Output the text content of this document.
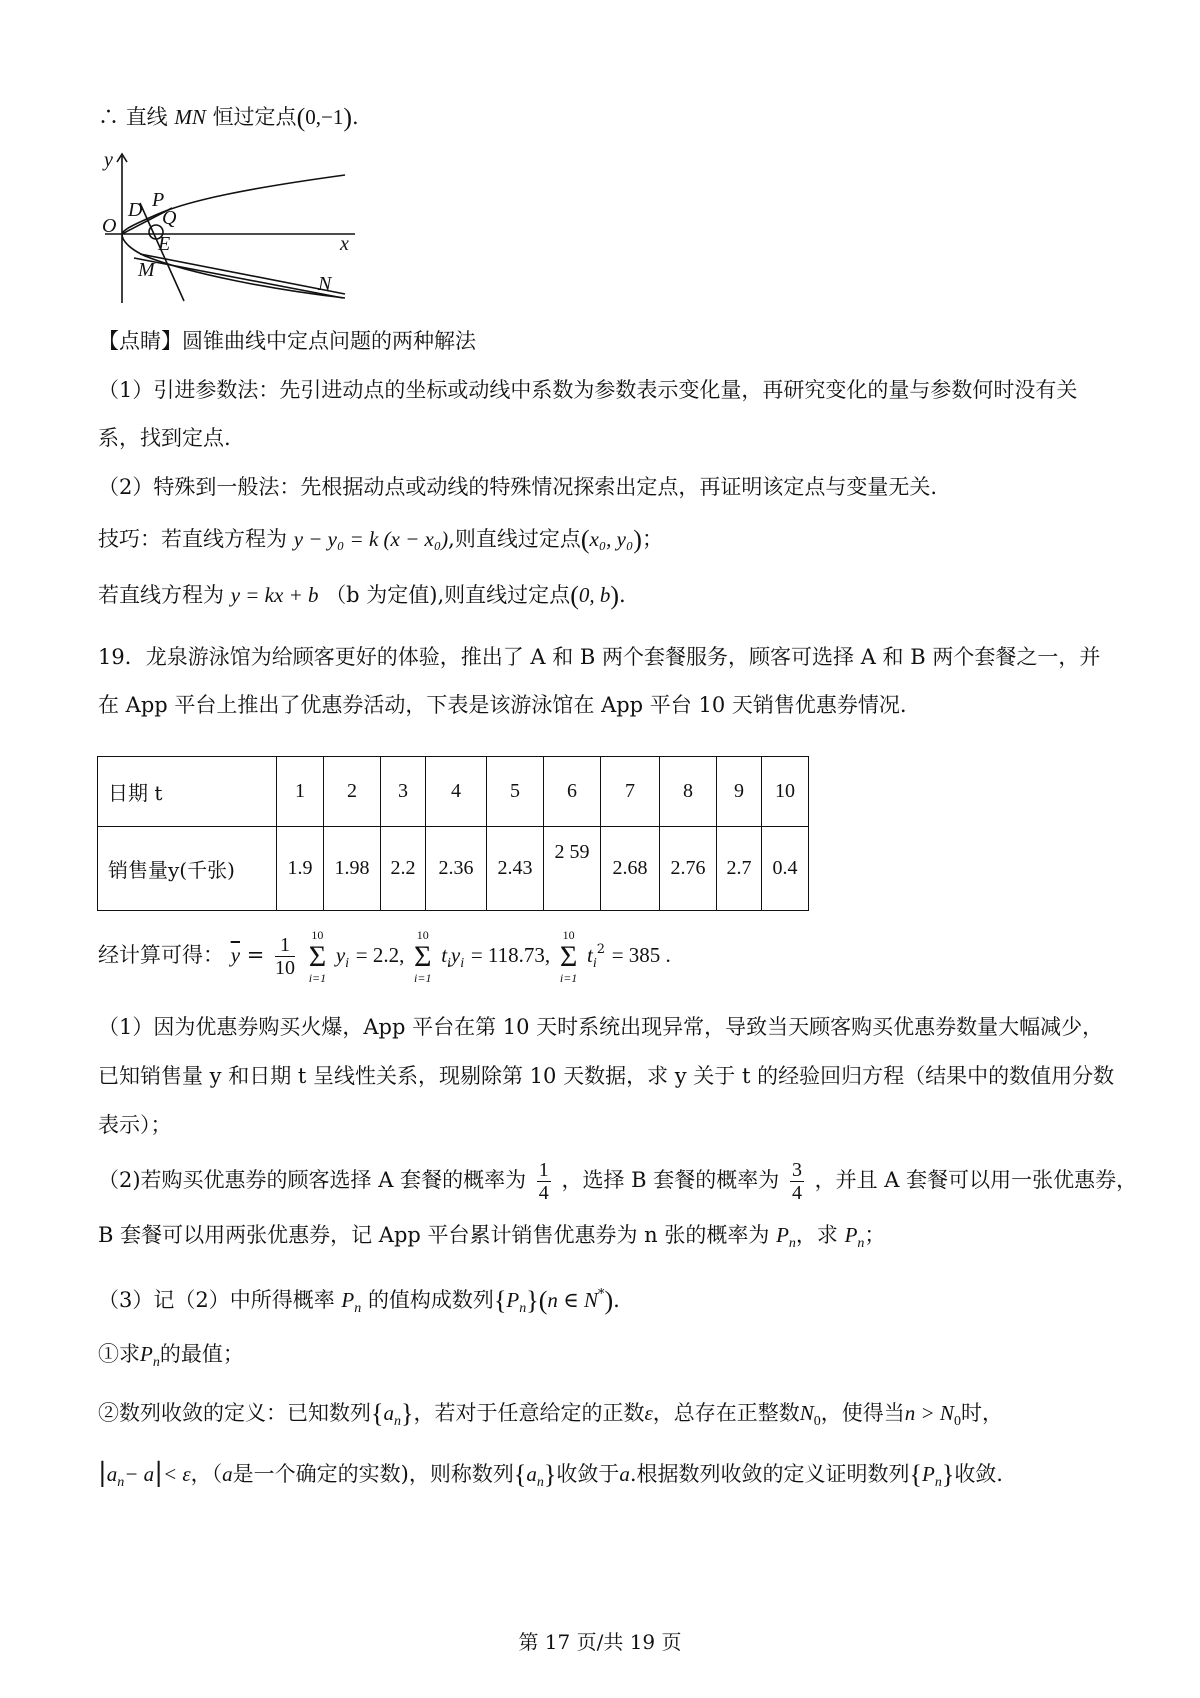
∴ 直线 MN 恒过定点(0,−1).
y
x
O
D P
Q
E
M
N
【点睛】圆锥曲线中定点问题的两种解法
（1）引进参数法：先引进动点的坐标或动线中系数为参数表示变化量，再研究变化的量与参数何时没有关
系，找到定点.
（2）特殊到一般法：先根据动点或动线的特殊情况探索出定点，再证明该定点与变量无关.
技巧：若直线方程为 y − y₀ = k (x − x₀),则直线过定点(x₀, y₀)；
若直线方程为 y = kx + b （b 为定值),则直线过定点(0, b).
19．龙泉游泳馆为给顾客更好的体验，推出了 A 和 B 两个套餐服务，顾客可选择 A 和 B 两个套餐之一，并
在 App 平台上推出了优惠券活动，下表是该游泳馆在 App 平台 10 天销售优惠券情况.
日期 t	1	2	3	4	5	6	7	8	9	10
销售量y(千张)	1.9	1.98	2.2	2.36	2.43	2 59	2.68	2.76	2.7	0.4
经计算可得： $\overline{y} = \frac{1}{10}$
10
Σ
i=1
$y_i = 2.2$,
10
Σ
i=1
$t_iy_i = 118.73$,
10
Σ
i=1
$t_i^2 = 385$ .
（1）因为优惠券购买火爆，App 平台在第 10 天时系统出现异常，导致当天顾客购买优惠券数量大幅减少，
已知销售量 y 和日期 t 呈线性关系，现剔除第 10 天数据，求 y 关于 t 的经验回归方程（结果中的数值用分数
表示）；
（2)若购买优惠券的顾客选择 A 套餐的概率为 $\frac{1}{4}$ ，选择 B 套餐的概率为 $\frac{3}{4}$ ，并且 A 套餐可以用一张优惠券，
B 套餐可以用两张优惠券，记 App 平台累计销售优惠券为 n 张的概率为 $P_n$，求 $P_n$；
（3）记（2）中所得概率 $P_n$ 的值构成数列$\{P_n\}(n$ ∈ N*).
①求$P_n$的最值；
②数列收敛的定义：已知数列$\{a_n\}$，若对于任意给定的正数ε，总存在正整数$N_0$，使得当$n > N_0$时，
$|a_n- a|< \varepsilon$，（a是一个确定的实数)，则称数列$\{a_n\}$收敛于a.根据数列收敛的定义证明数列$\{P_n\}$收敛.
第 17 页/共 19 页
